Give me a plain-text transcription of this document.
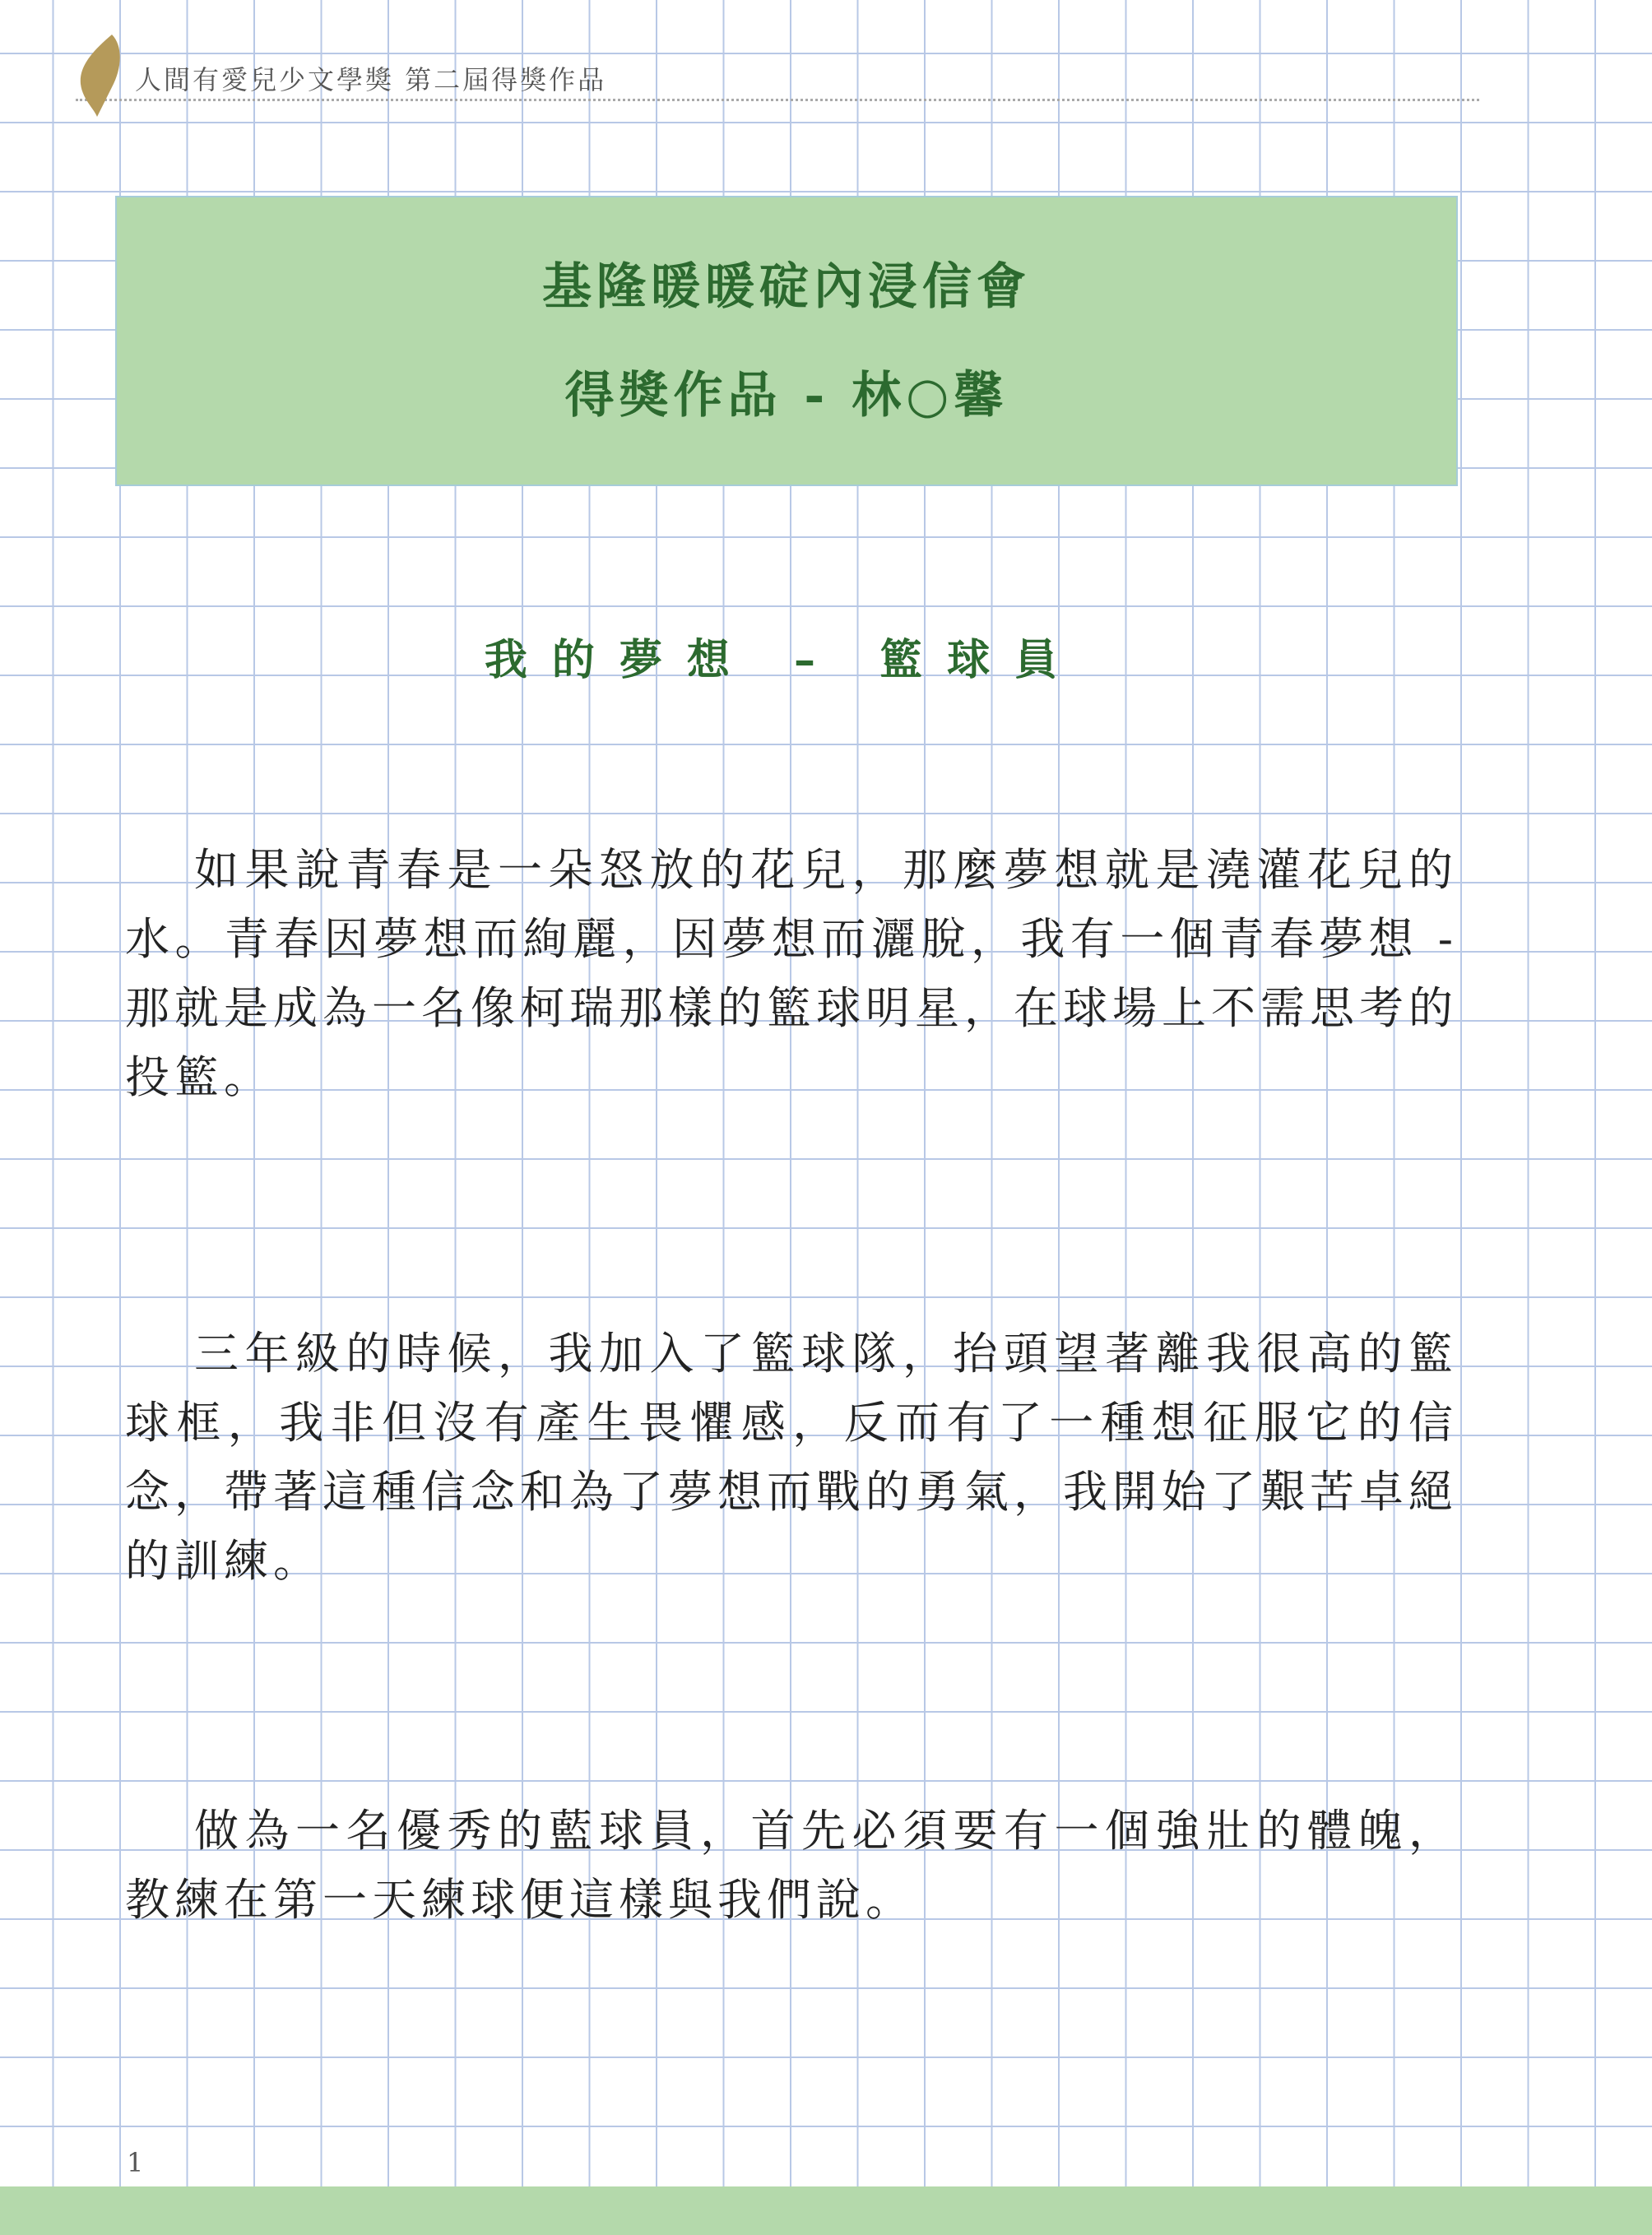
人間有愛兒少文學獎 第二屆得獎作品
基隆暖暖碇內浸信會
得獎作品 - 林○馨
我的夢想 – 籃球員

如果說青春是一朵怒放的花兒，那麼夢想就是澆灌花兒的水。青春因夢想而絢麗，因夢想而灑脫，我有一個青春夢想 - 那就是成為一名像柯瑞那樣的籃球明星，在球場上不需思考的投籃。

三年級的時候，我加入了籃球隊，抬頭望著離我很高的籃球框，我非但沒有產生畏懼感，反而有了一種想征服它的信念，帶著這種信念和為了夢想而戰的勇氣，我開始了艱苦卓絕的訓練。

做為一名優秀的藍球員，首先必須要有一個強壯的體魄，教練在第一天練球便這樣與我們說。

1
